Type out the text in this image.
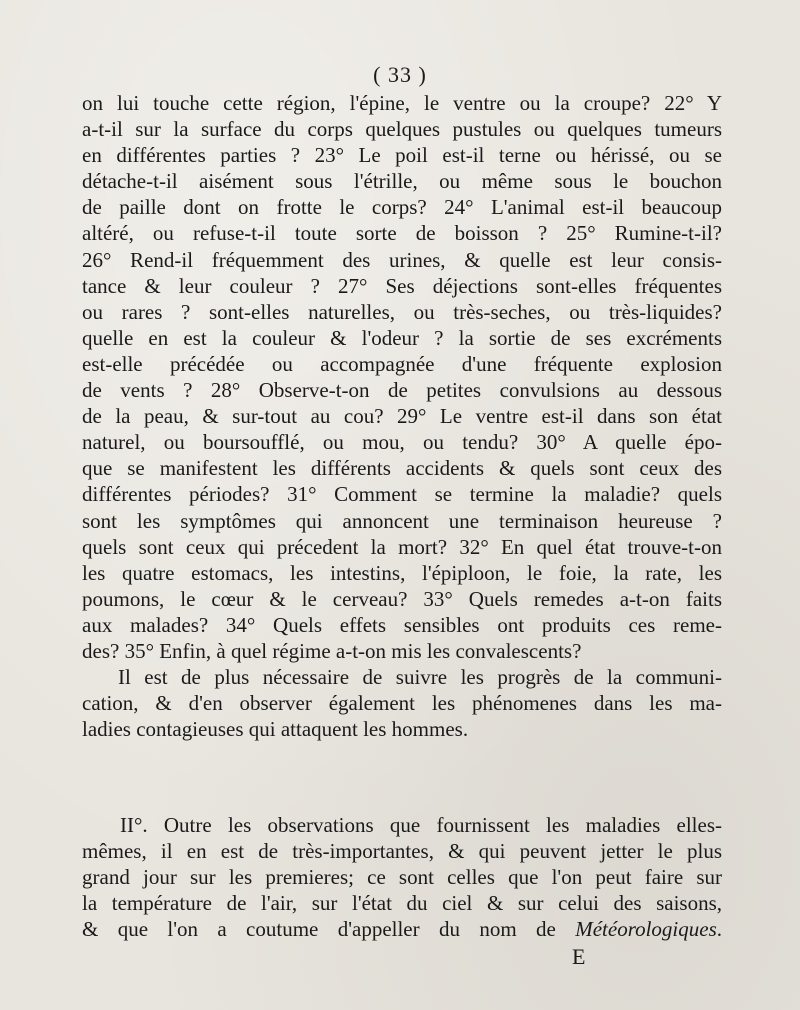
( 33 )
on lui touche cette région, l'épine, le ventre ou la croupe? 22° Y
a-t-il sur la surface du corps quelques pustules ou quelques tumeurs
en différentes parties ? 23° Le poil est-il terne ou hérissé, ou se
détache-t-il aisément sous l'étrille, ou même sous le bouchon
de paille dont on frotte le corps? 24° L'animal est-il beaucoup
altéré, ou refuse-t-il toute sorte de boisson ? 25° Rumine-t-il?
26° Rend-il fréquemment des urines, & quelle est leur consis-
tance & leur couleur ? 27° Ses déjections sont-elles fréquentes
ou rares ? sont-elles naturelles, ou très-seches, ou très-liquides?
quelle en est la couleur & l'odeur ? la sortie de ses excréments
est-elle précédée ou accompagnée d'une fréquente explosion
de vents ? 28° Observe-t-on de petites convulsions au dessous
de la peau, & sur-tout au cou? 29° Le ventre est-il dans son état
naturel, ou boursoufflé, ou mou, ou tendu? 30° A quelle épo-
que se manifestent les différents accidents & quels sont ceux des
différentes périodes? 31° Comment se termine la maladie? quels
sont les symptômes qui annoncent une terminaison heureuse ?
quels sont ceux qui précedent la mort? 32° En quel état trouve-t-on
les quatre estomacs, les intestins, l'épiploon, le foie, la rate, les
poumons, le cœur & le cerveau? 33° Quels remedes a-t-on faits
aux malades? 34° Quels effets sensibles ont produits ces reme-
des? 35° Enfin, à quel régime a-t-on mis les convalescents?
Il est de plus nécessaire de suivre les progrès de la communi-
cation, & d'en observer également les phénomenes dans les ma-
ladies contagieuses qui attaquent les hommes.
II°. Outre les observations que fournissent les maladies elles-
mêmes, il en est de très-importantes, & qui peuvent jetter le plus
grand jour sur les premieres; ce sont celles que l'on peut faire sur
la température de l'air, sur l'état du ciel & sur celui des saisons,
& que l'on a coutume d'appeller du nom de Météorologiques.
E
